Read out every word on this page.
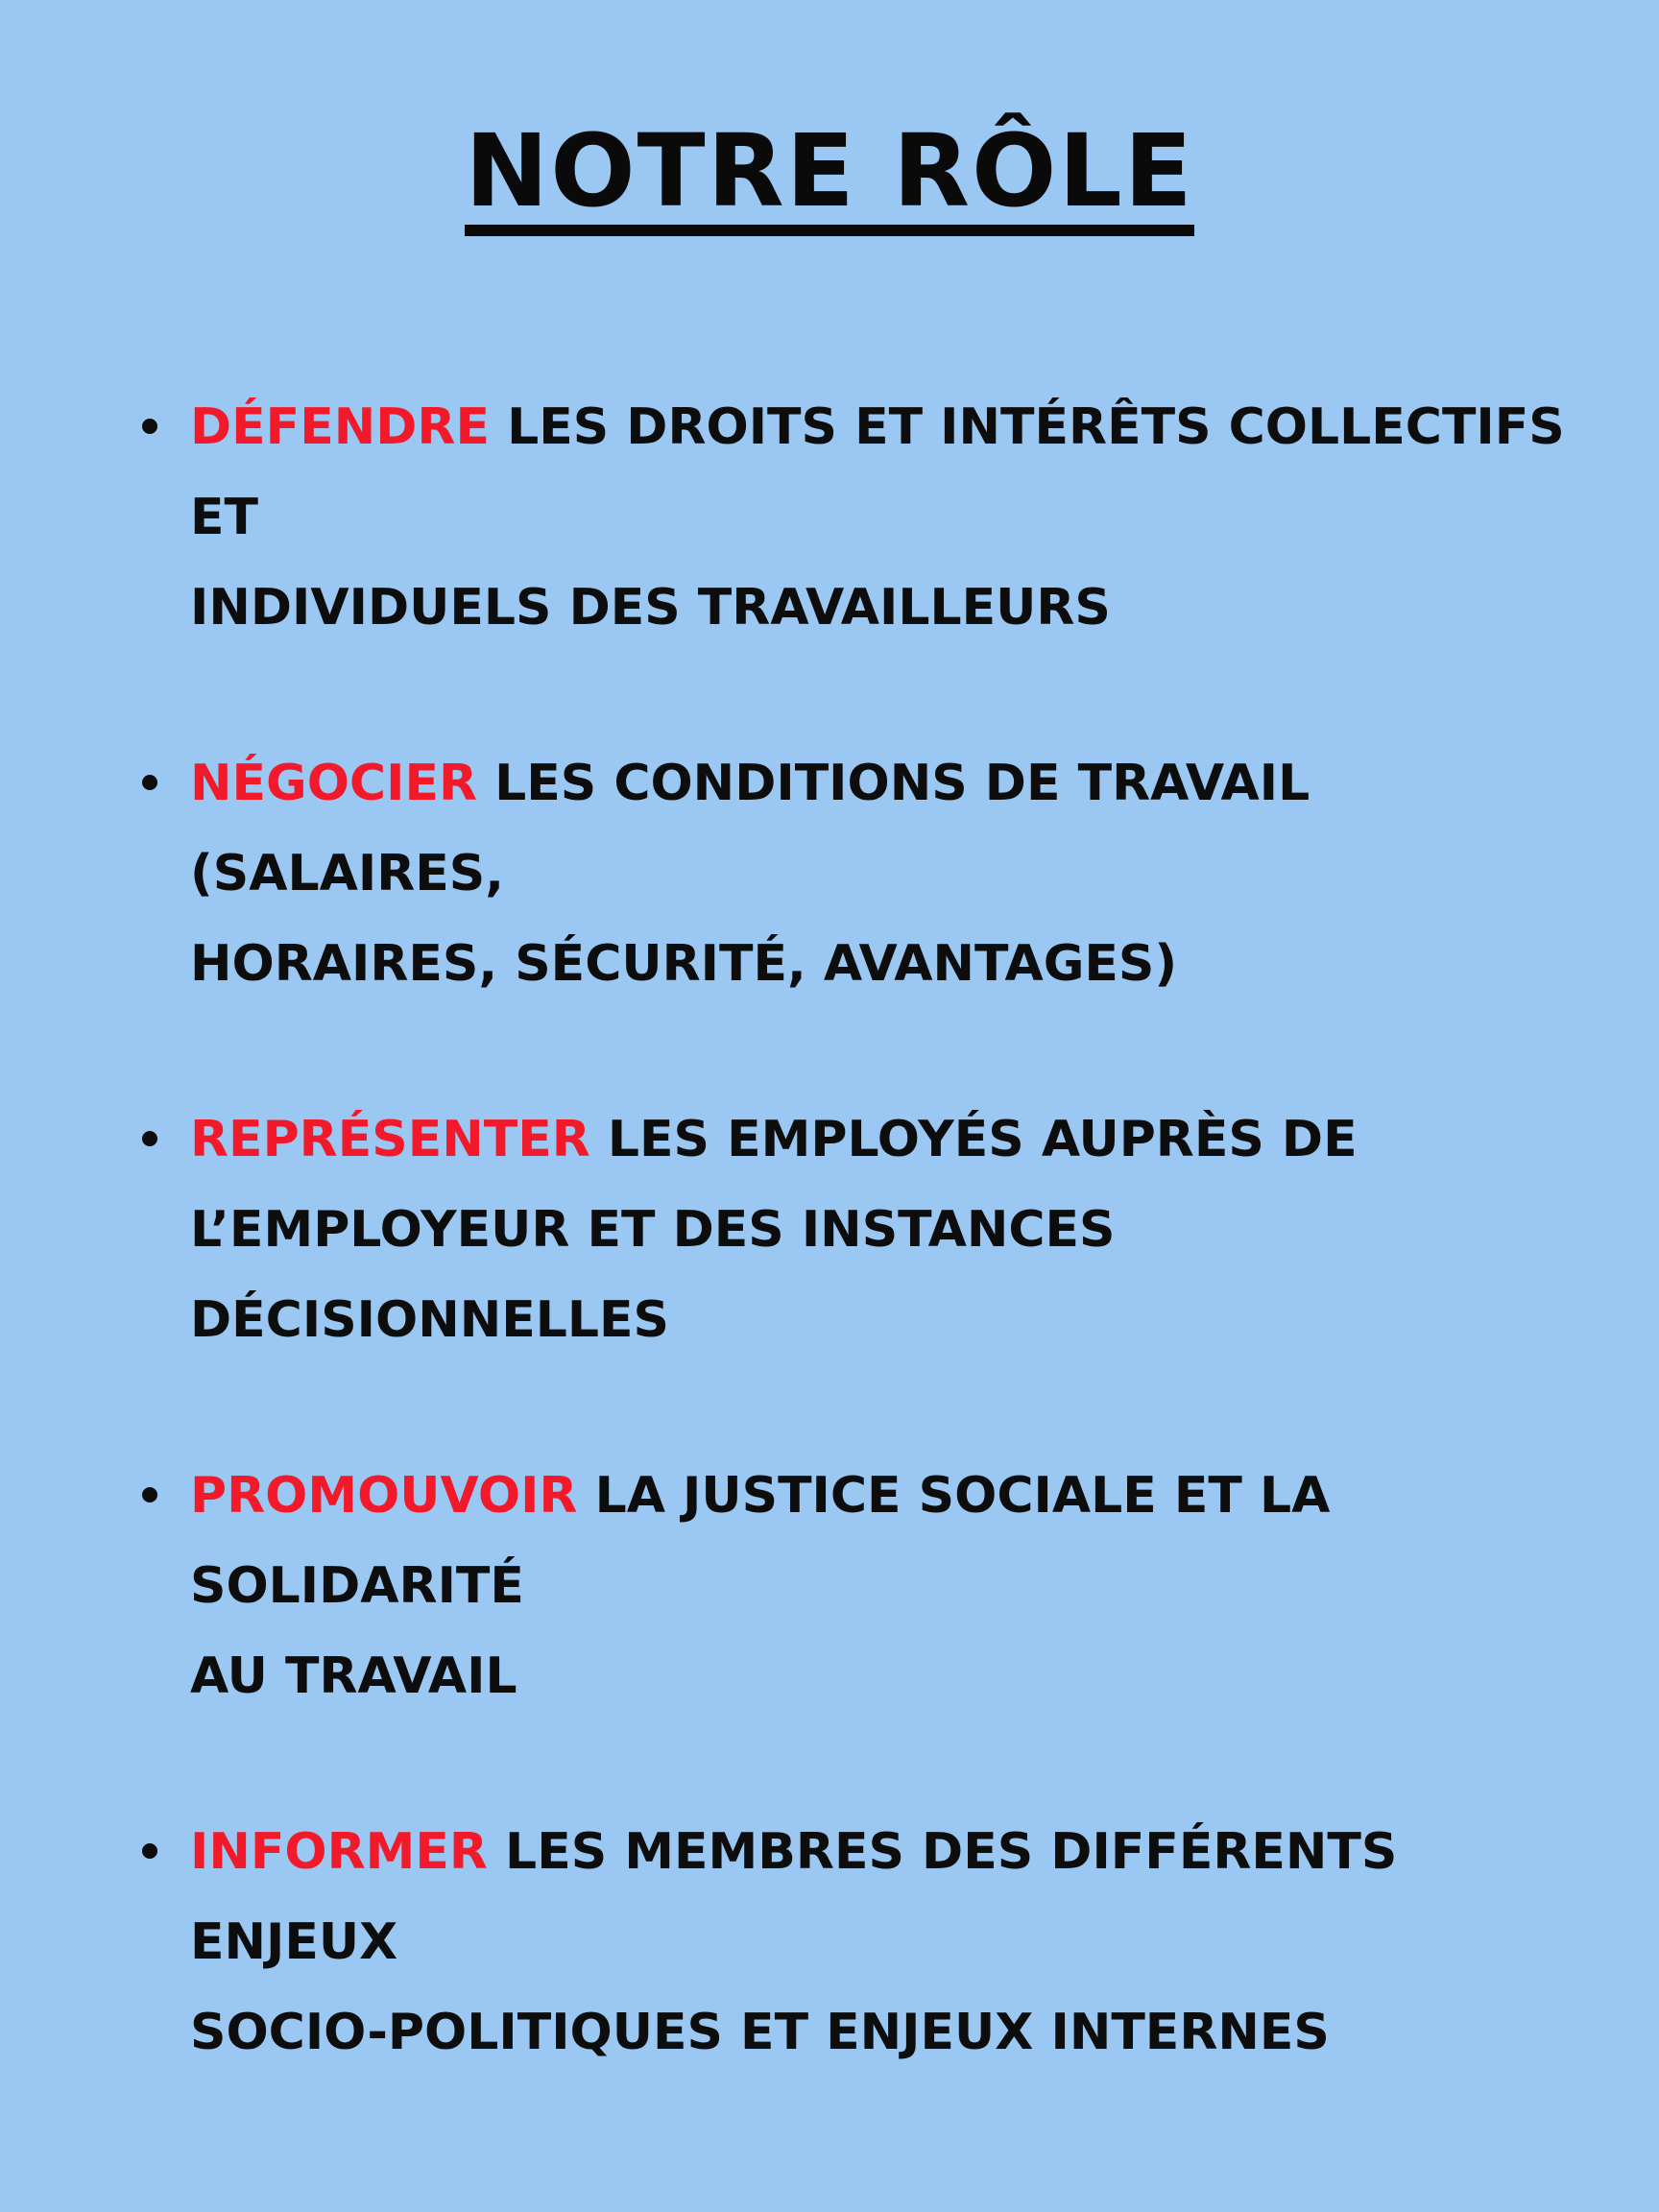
NOTRE RÔLE
DÉFENDRE LES DROITS ET INTÉRÊTS COLLECTIFS ET
INDIVIDUELS DES TRAVAILLEURS
NÉGOCIER LES CONDITIONS DE TRAVAIL (SALAIRES,
HORAIRES, SÉCURITÉ, AVANTAGES)
REPRÉSENTER LES EMPLOYÉS AUPRÈS DE
L’EMPLOYEUR ET DES INSTANCES DÉCISIONNELLES
PROMOUVOIR LA JUSTICE SOCIALE ET LA SOLIDARITÉ
AU TRAVAIL
INFORMER LES MEMBRES DES DIFFÉRENTS ENJEUX
SOCIO-POLITIQUES ET ENJEUX INTERNES
